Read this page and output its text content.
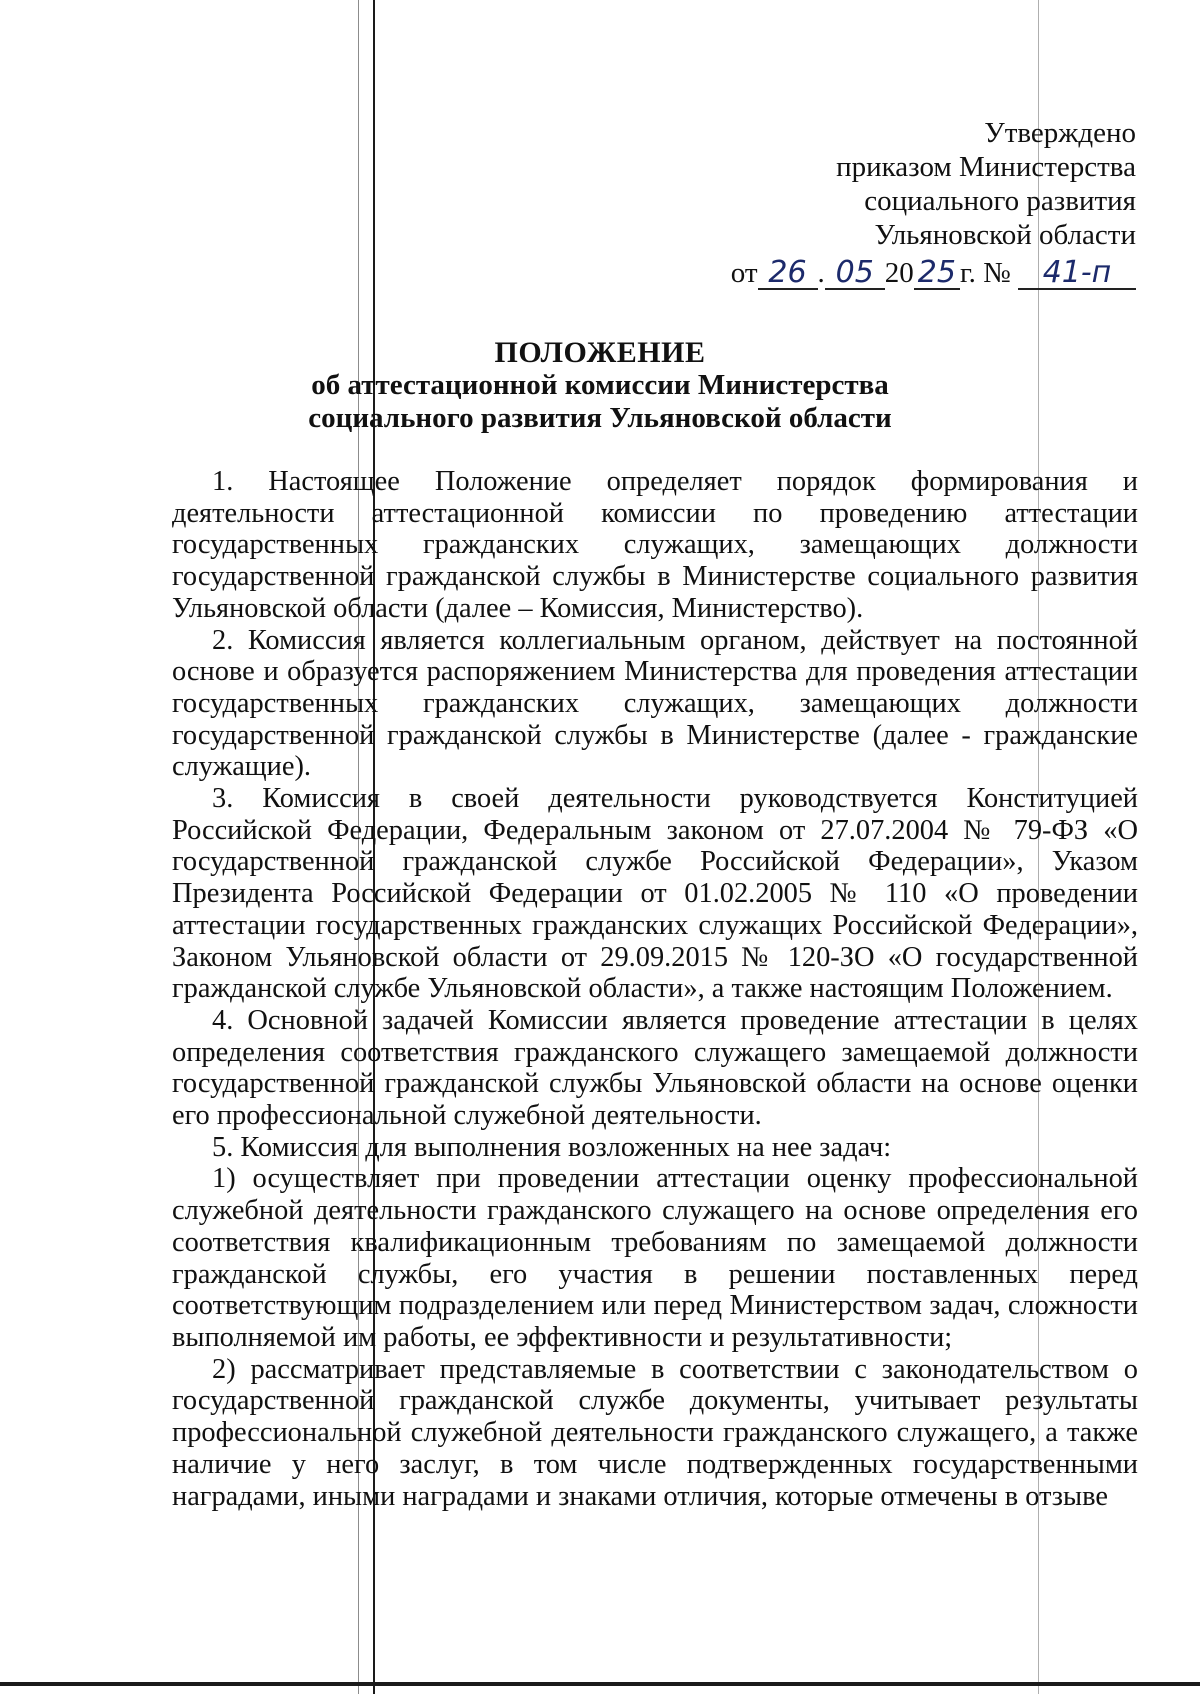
Утверждено
приказом Министерства
социального развития
Ульяновской области
от 26 . 05 20 25 г. № 41-п
ПОЛОЖЕНИЕ
об аттестационной комиссии Министерства
социального развития Ульяновской области

1. Настоящее Положение определяет порядок формирования и деятельности аттестационной комиссии по проведению аттестации государственных гражданских служащих, замещающих должности государственной гражданской службы в Министерстве социального развития Ульяновской области (далее – Комиссия, Министерство).

2. Комиссия является коллегиальным органом, действует на постоянной основе и образуется распоряжением Министерства для проведения аттестации государственных гражданских служащих, замещающих должности государственной гражданской службы в Министерстве (далее - гражданские служащие).

3. Комиссия в своей деятельности руководствуется Конституцией Российской Федерации, Федеральным законом от 27.07.2004 № 79-ФЗ «О государственной гражданской службе Российской Федерации», Указом Президента Российской Федерации от 01.02.2005 № 110 «О проведении аттестации государственных гражданских служащих Российской Федерации», Законом Ульяновской области от 29.09.2015 № 120-ЗО «О государственной гражданской службе Ульяновской области», а также настоящим Положением.

4. Основной задачей Комиссии является проведение аттестации в целях определения соответствия гражданского служащего замещаемой должности государственной гражданской службы Ульяновской области на основе оценки его профессиональной служебной деятельности.

5. Комиссия для выполнения возложенных на нее задач:

1) осуществляет при проведении аттестации оценку профессиональной служебной деятельности гражданского служащего на основе определения его соответствия квалификационным требованиям по замещаемой должности гражданской службы, его участия в решении поставленных перед соответствующим подразделением или перед Министерством задач, сложности выполняемой им работы, ее эффективности и результативности;

2) рассматривает представляемые в соответствии с законодательством о государственной гражданской службе документы, учитывает результаты профессиональной служебной деятельности гражданского служащего, а также наличие у него заслуг, в том числе подтвержденных государственными наградами, иными наградами и знаками отличия, которые отмечены в отзыве
